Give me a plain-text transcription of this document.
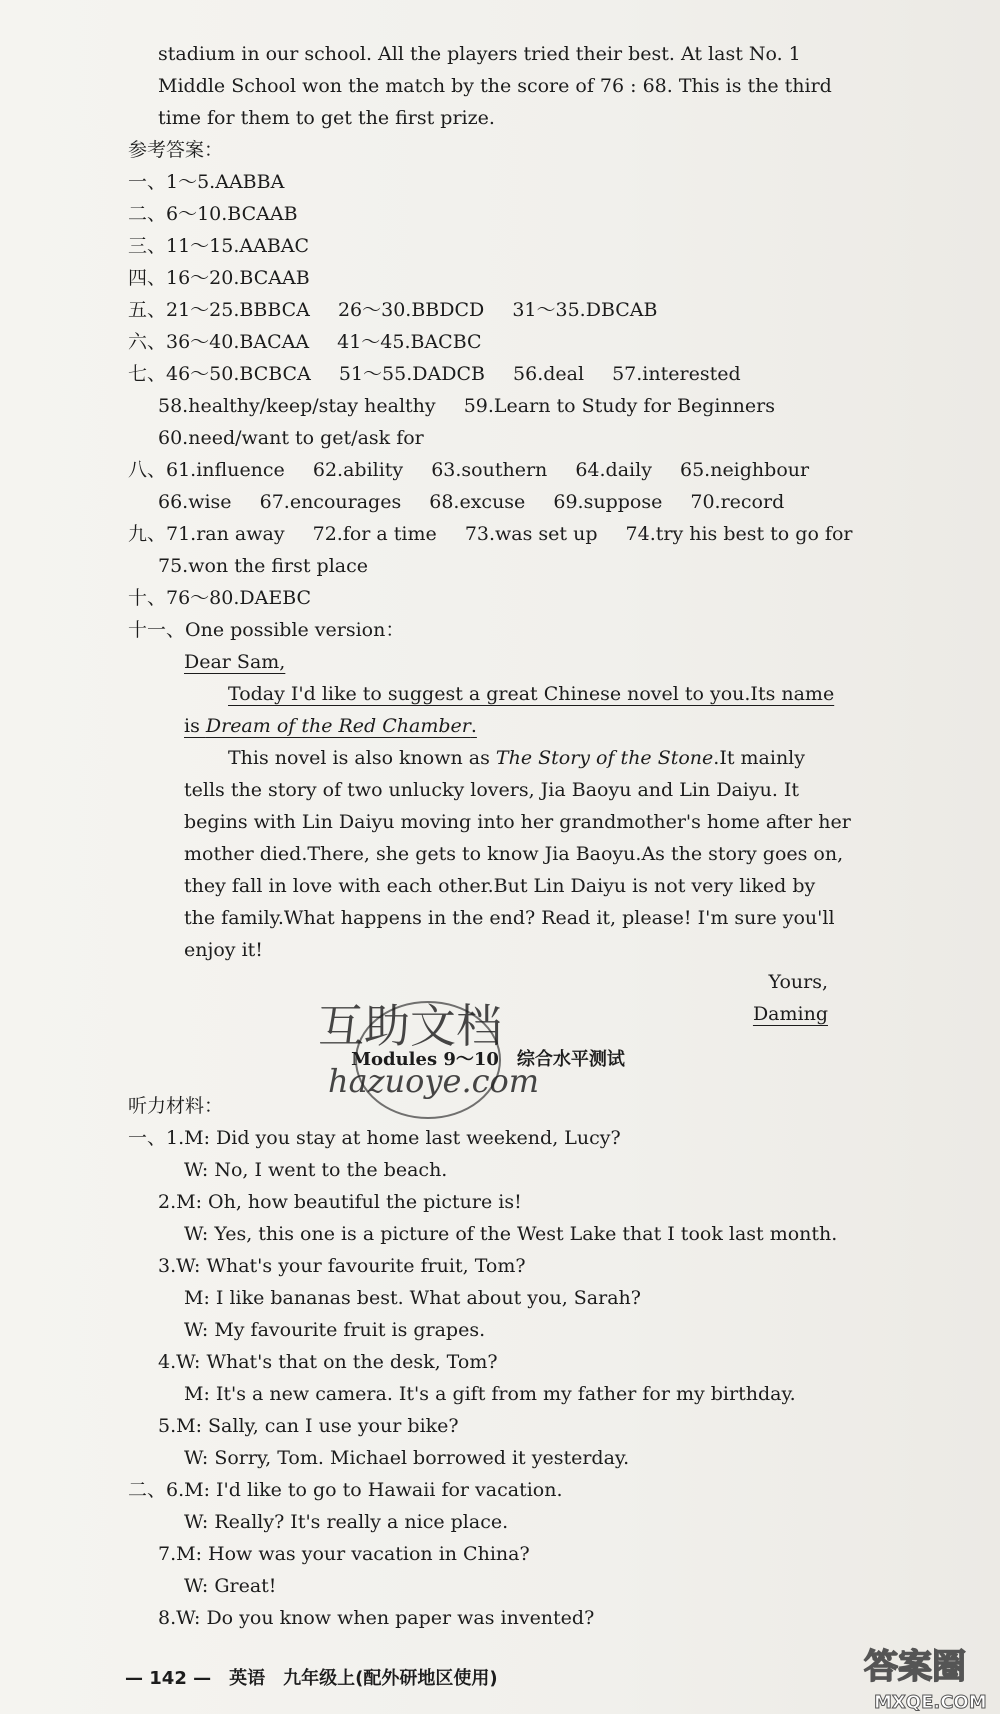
stadium in our school. All the players tried their best. At last No. 1
Middle School won the match by the score of 76 : 68. This is the third
time for them to get the first prize.
参考答案：
一、1～5.AABBA
二、6～10.BCAAB
三、11～15.AABAC
四、16～20.BCAAB
五、21～25.BBBCA 26～30.BBDCD 31～35.DBCAB
六、36～40.BACAA 41～45.BACBC
七、46～50.BCBCA 51～55.DADCB 56.deal 57.interested
58.healthy/keep/stay healthy 59.Learn to Study for Beginners
60.need/want to get/ask for
八、61.influence 62.ability 63.southern 64.daily 65.neighbour
66.wise 67.encourages 68.excuse 69.suppose 70.record
九、71.ran away 72.for a time 73.was set up 74.try his best to go for
75.won the first place
十、76～80.DAEBC
十一、One possible version：
Dear Sam,
Today I'd like to suggest a great Chinese novel to you.Its name
is Dream of the Red Chamber.
This novel is also known as The Story of the Stone.It mainly
tells the story of two unlucky lovers, Jia Baoyu and Lin Daiyu. It
begins with Lin Daiyu moving into her grandmother's home after her
mother died.There, she gets to know Jia Baoyu.As the story goes on,
they fall in love with each other.But Lin Daiyu is not very liked by
the family.What happens in the end? Read it, please! I'm sure you'll
enjoy it!
Yours,
Daming
Modules 9～10　综合水平测试
听力材料：
一、1.M: Did you stay at home last weekend, Lucy?
W: No, I went to the beach.
2.M: Oh, how beautiful the picture is!
W: Yes, this one is a picture of the West Lake that I took last month.
3.W: What's your favourite fruit, Tom?
M: I like bananas best. What about you, Sarah?
W: My favourite fruit is grapes.
4.W: What's that on the desk, Tom?
M: It's a new camera. It's a gift from my father for my birthday.
5.M: Sally, can I use your bike?
W: Sorry, Tom. Michael borrowed it yesterday.
二、6.M: I'd like to go to Hawaii for vacation.
W: Really? It's really a nice place.
7.M: How was your vacation in China?
W: Great!
8.W: Do you know when paper was invented?
互助文档
hazuoye.com
— 142 —　英语　九年级上(配外研地区使用)	答案圈
MXQE.COM
